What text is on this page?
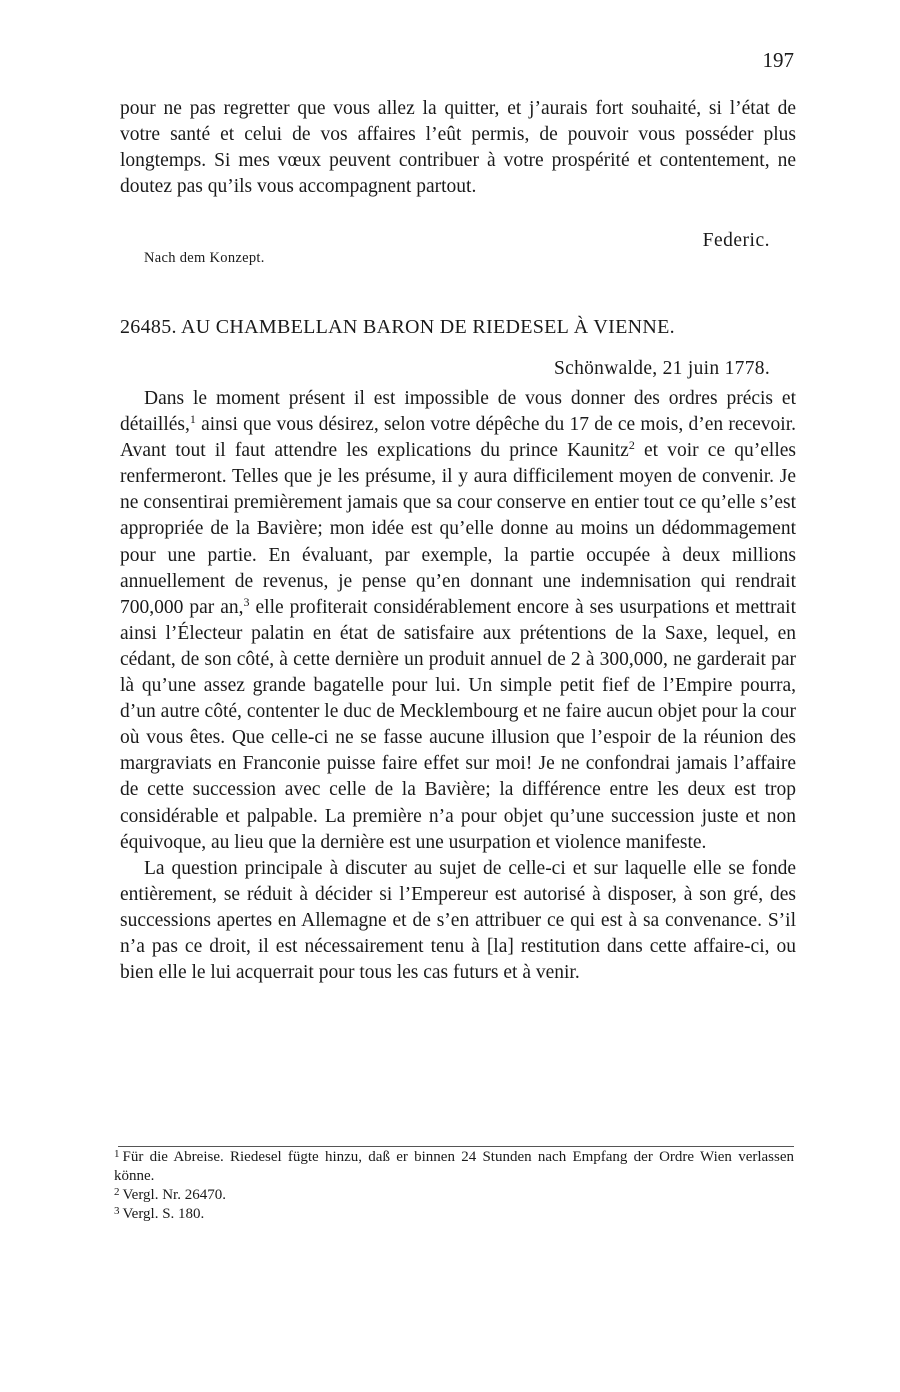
197

pour ne pas regretter que vous allez la quitter, et j’aurais fort souhaité, si l’état de votre santé et celui de vos affaires l’eût permis, de pouvoir vous posséder plus longtemps. Si mes vœux peuvent contribuer à votre prospérité et contentement, ne doutez pas qu’ils vous accompagnent partout.

Federic.
Nach dem Konzept.
26485. AU CHAMBELLAN BARON DE RIEDESEL À VIENNE.
Schönwalde, 21 juin 1778.

Dans le moment présent il est impossible de vous donner des ordres précis et détaillés,$^1$ ainsi que vous désirez, selon votre dépêche du 17 de ce mois, d’en recevoir. Avant tout il faut attendre les explications du prince Kaunitz$^2$ et voir ce qu’elles renfermeront. Telles que je les présume, il y aura difficilement moyen de convenir. Je ne consentirai premièrement jamais que sa cour conserve en entier tout ce qu’elle s’est appropriée de la Bavière; mon idée est qu’elle donne au moins un dédommagement pour une partie. En évaluant, par exemple, la partie occupée à deux millions annuellement de revenus, je pense qu’en donnant une indemnisation qui rendrait 700,000 par an,$^3$ elle profiterait considérablement encore à ses usurpations et mettrait ainsi l’Électeur palatin en état de satisfaire aux prétentions de la Saxe, lequel, en cédant, de son côté, à cette dernière un produit annuel de 2 à 300,000, ne garderait par là qu’une assez grande bagatelle pour lui. Un simple petit fief de l’Empire pourra, d’un autre côté, contenter le duc de Mecklembourg et ne faire aucun objet pour la cour où vous êtes. Que celle-ci ne se fasse aucune illusion que l’espoir de la réunion des margraviats en Franconie puisse faire effet sur moi! Je ne confondrai jamais l’affaire de cette succession avec celle de la Bavière; la différence entre les deux est trop considérable et palpable. La première n’a pour objet qu’une succession juste et non équivoque, au lieu que la dernière est une usurpation et violence manifeste.

La question principale à discuter au sujet de celle-ci et sur laquelle elle se fonde entièrement, se réduit à décider si l’Empereur est autorisé à disposer, à son gré, des successions apertes en Allemagne et de s’en attribuer ce qui est à sa convenance. S’il n’a pas ce droit, il est nécessairement tenu à [la] restitution dans cette affaire-ci, ou bien elle le lui acquerrait pour tous les cas futurs et à venir.

$^1$ Für die Abreise. Riedesel fügte hinzu, daß er binnen 24 Stunden nach Empfang der Ordre Wien verlassen könne.

$^2$ Vergl. Nr. 26470.

$^3$ Vergl. S. 180.
